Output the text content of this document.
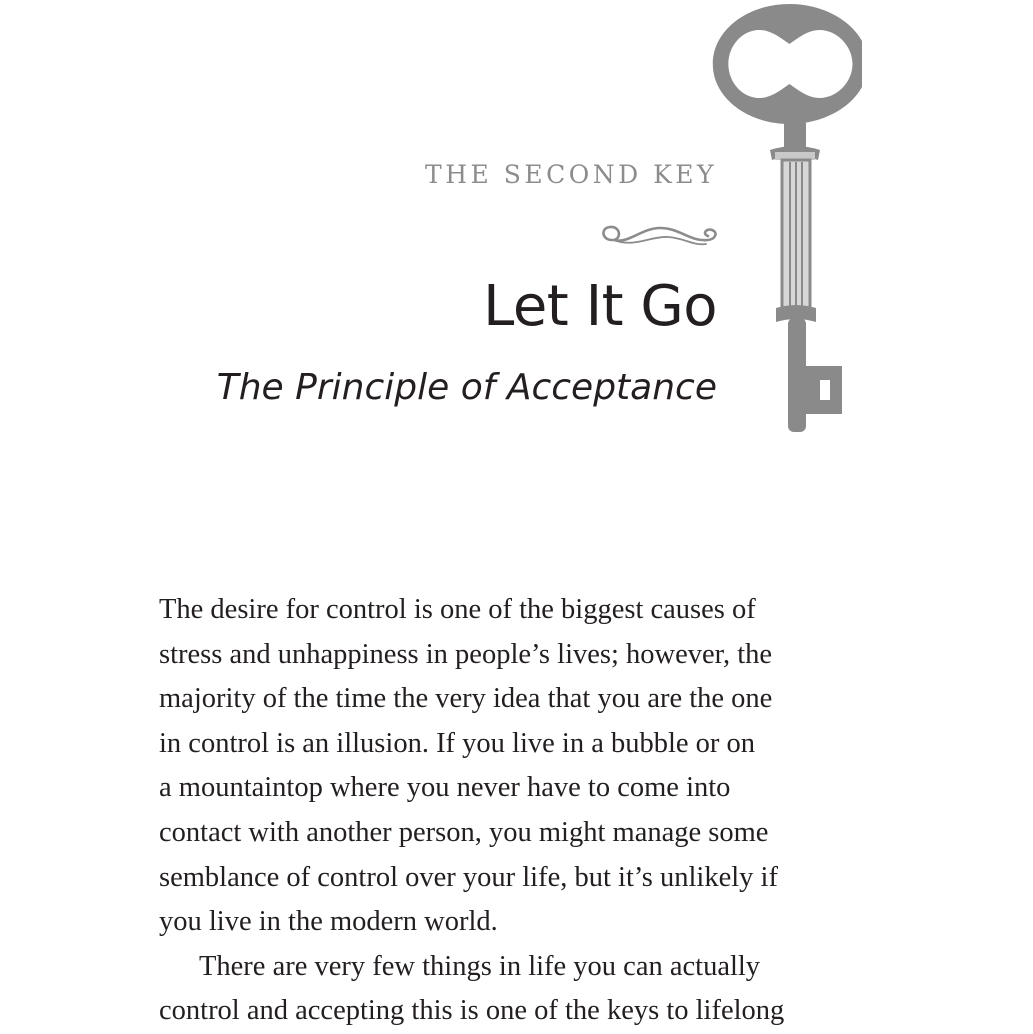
THE SECOND KEY
Let It Go
The Principle of Acceptance

The desire for control is one of the biggest causes of
stress and unhappiness in people’s lives; however, the
majority of the time the very idea that you are the one
in control is an illusion. If you live in a bubble or on
a mountaintop where you never have to come into
contact with another person, you might manage some
semblance of control over your life, but it’s unlikely if
you live in the modern world.

There are very few things in life you can actually
control and accepting this is one of the keys to lifelong
